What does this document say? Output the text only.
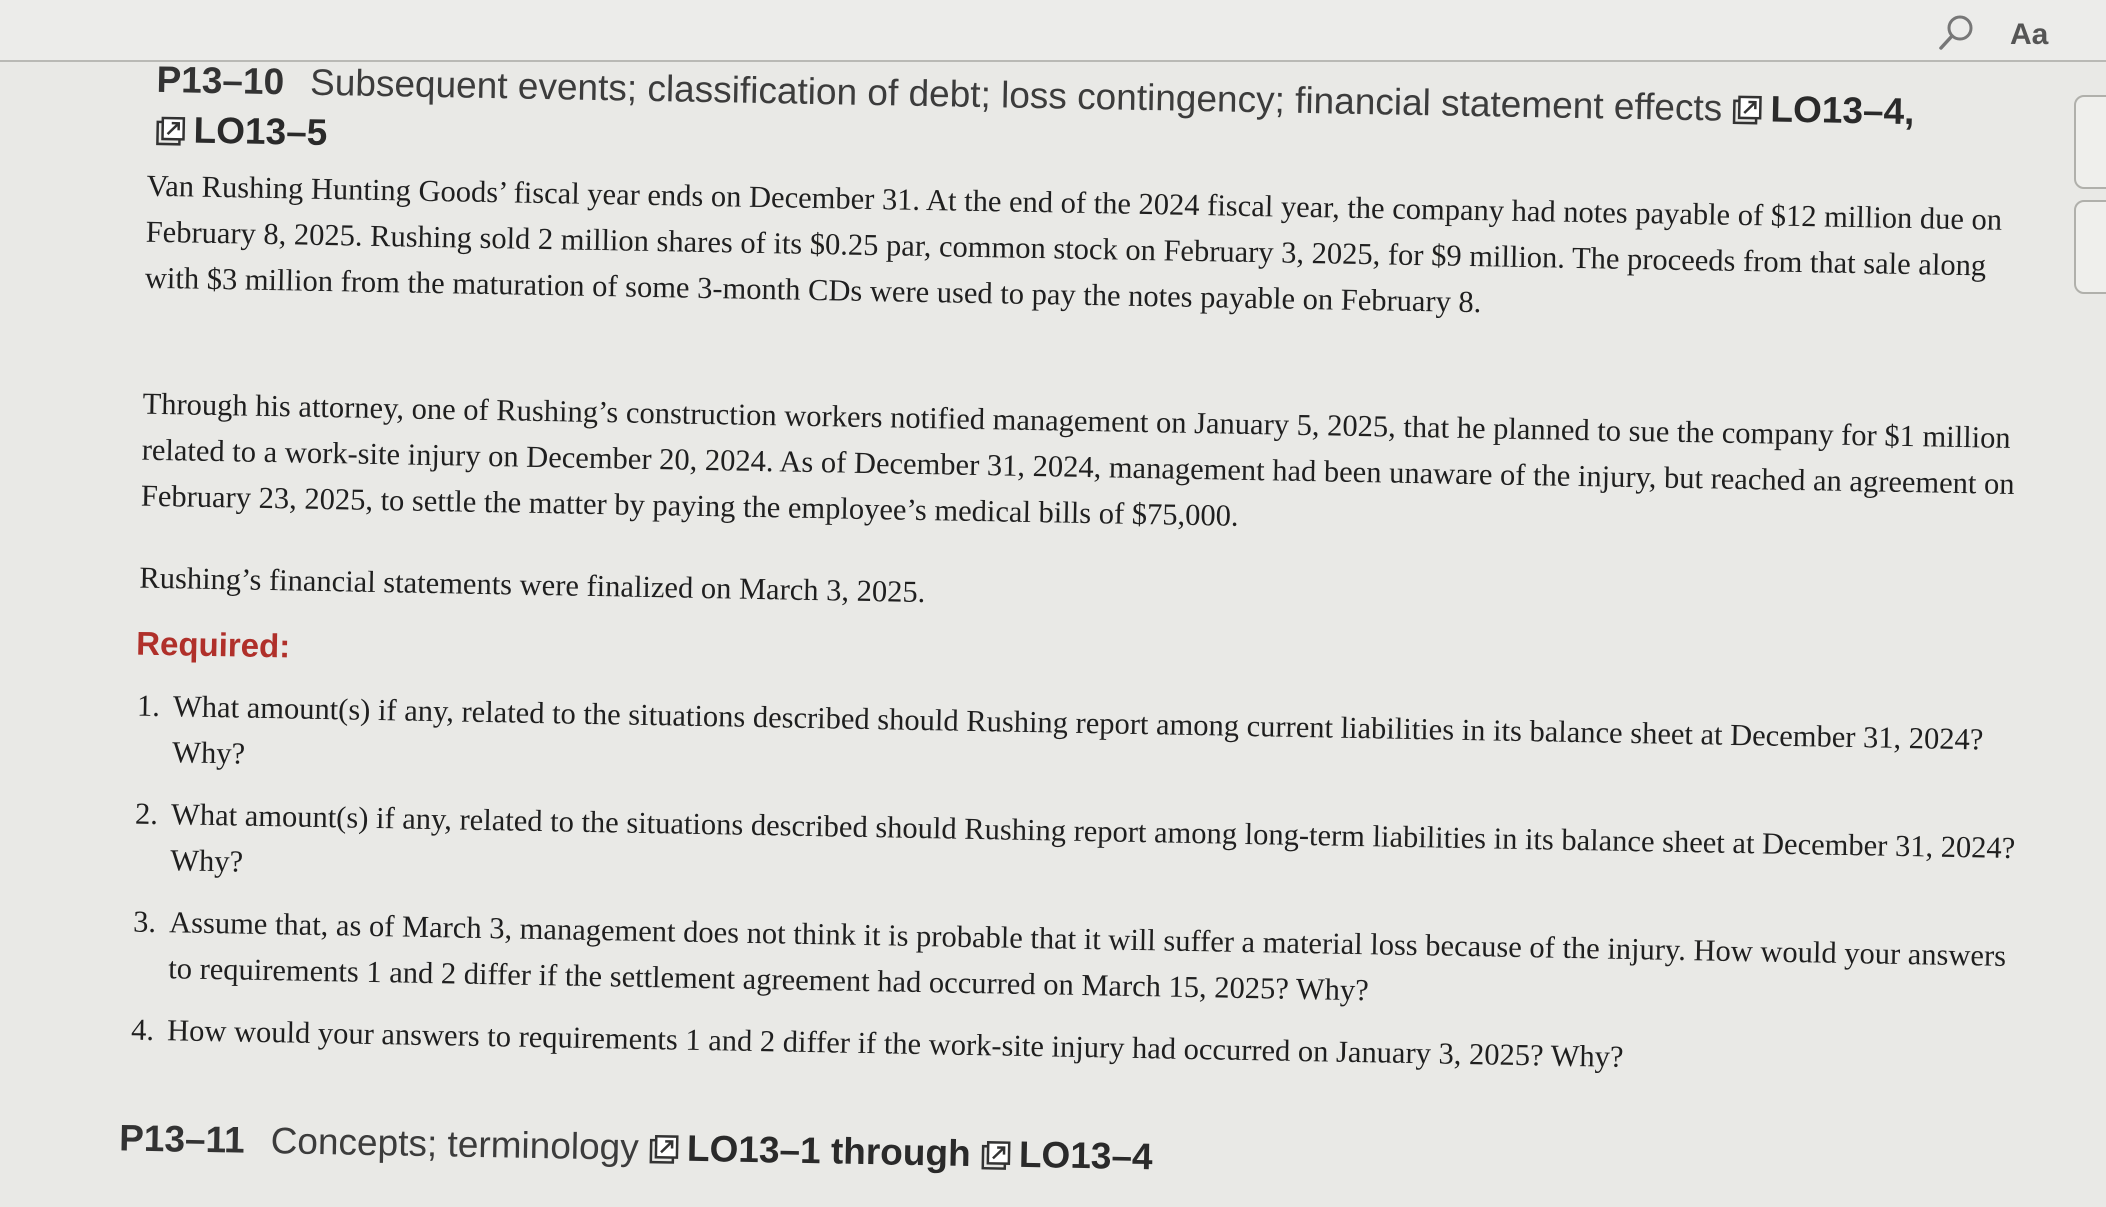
Aa
P13–10 Subsequent events; classification of debt; loss contingency; financial statement effects LO13–4,
LO13–5
Van Rushing Hunting Goods’ fiscal year ends on December 31. At the end of the 2024 fiscal year, the company had notes payable of $12 million due on February 8, 2025. Rushing sold 2 million shares of its $0.25 par, common stock on February 3, 2025, for $9 million. The proceeds from that sale along with $3 million from the maturation of some 3-month CDs were used to pay the notes payable on February 8.
Through his attorney, one of Rushing’s construction workers notified management on January 5, 2025, that he planned to sue the company for $1 million related to a work-site injury on December 20, 2024. As of December 31, 2024, management had been unaware of the injury, but reached an agreement on February 23, 2025, to settle the matter by paying the employee’s medical bills of $75,000.
Rushing’s financial statements were finalized on March 3, 2025.
Required:
1. What amount(s) if any, related to the situations described should Rushing report among current liabilities in its balance sheet at December 31, 2024? Why?
2. What amount(s) if any, related to the situations described should Rushing report among long-term liabilities in its balance sheet at December 31, 2024? Why?
3. Assume that, as of March 3, management does not think it is probable that it will suffer a material loss because of the injury. How would your answers to requirements 1 and 2 differ if the settlement agreement had occurred on March 15, 2025? Why?
4. How would your answers to requirements 1 and 2 differ if the work-site injury had occurred on January 3, 2025? Why?
P13–11 Concepts; terminology LO13–1 through LO13–4
